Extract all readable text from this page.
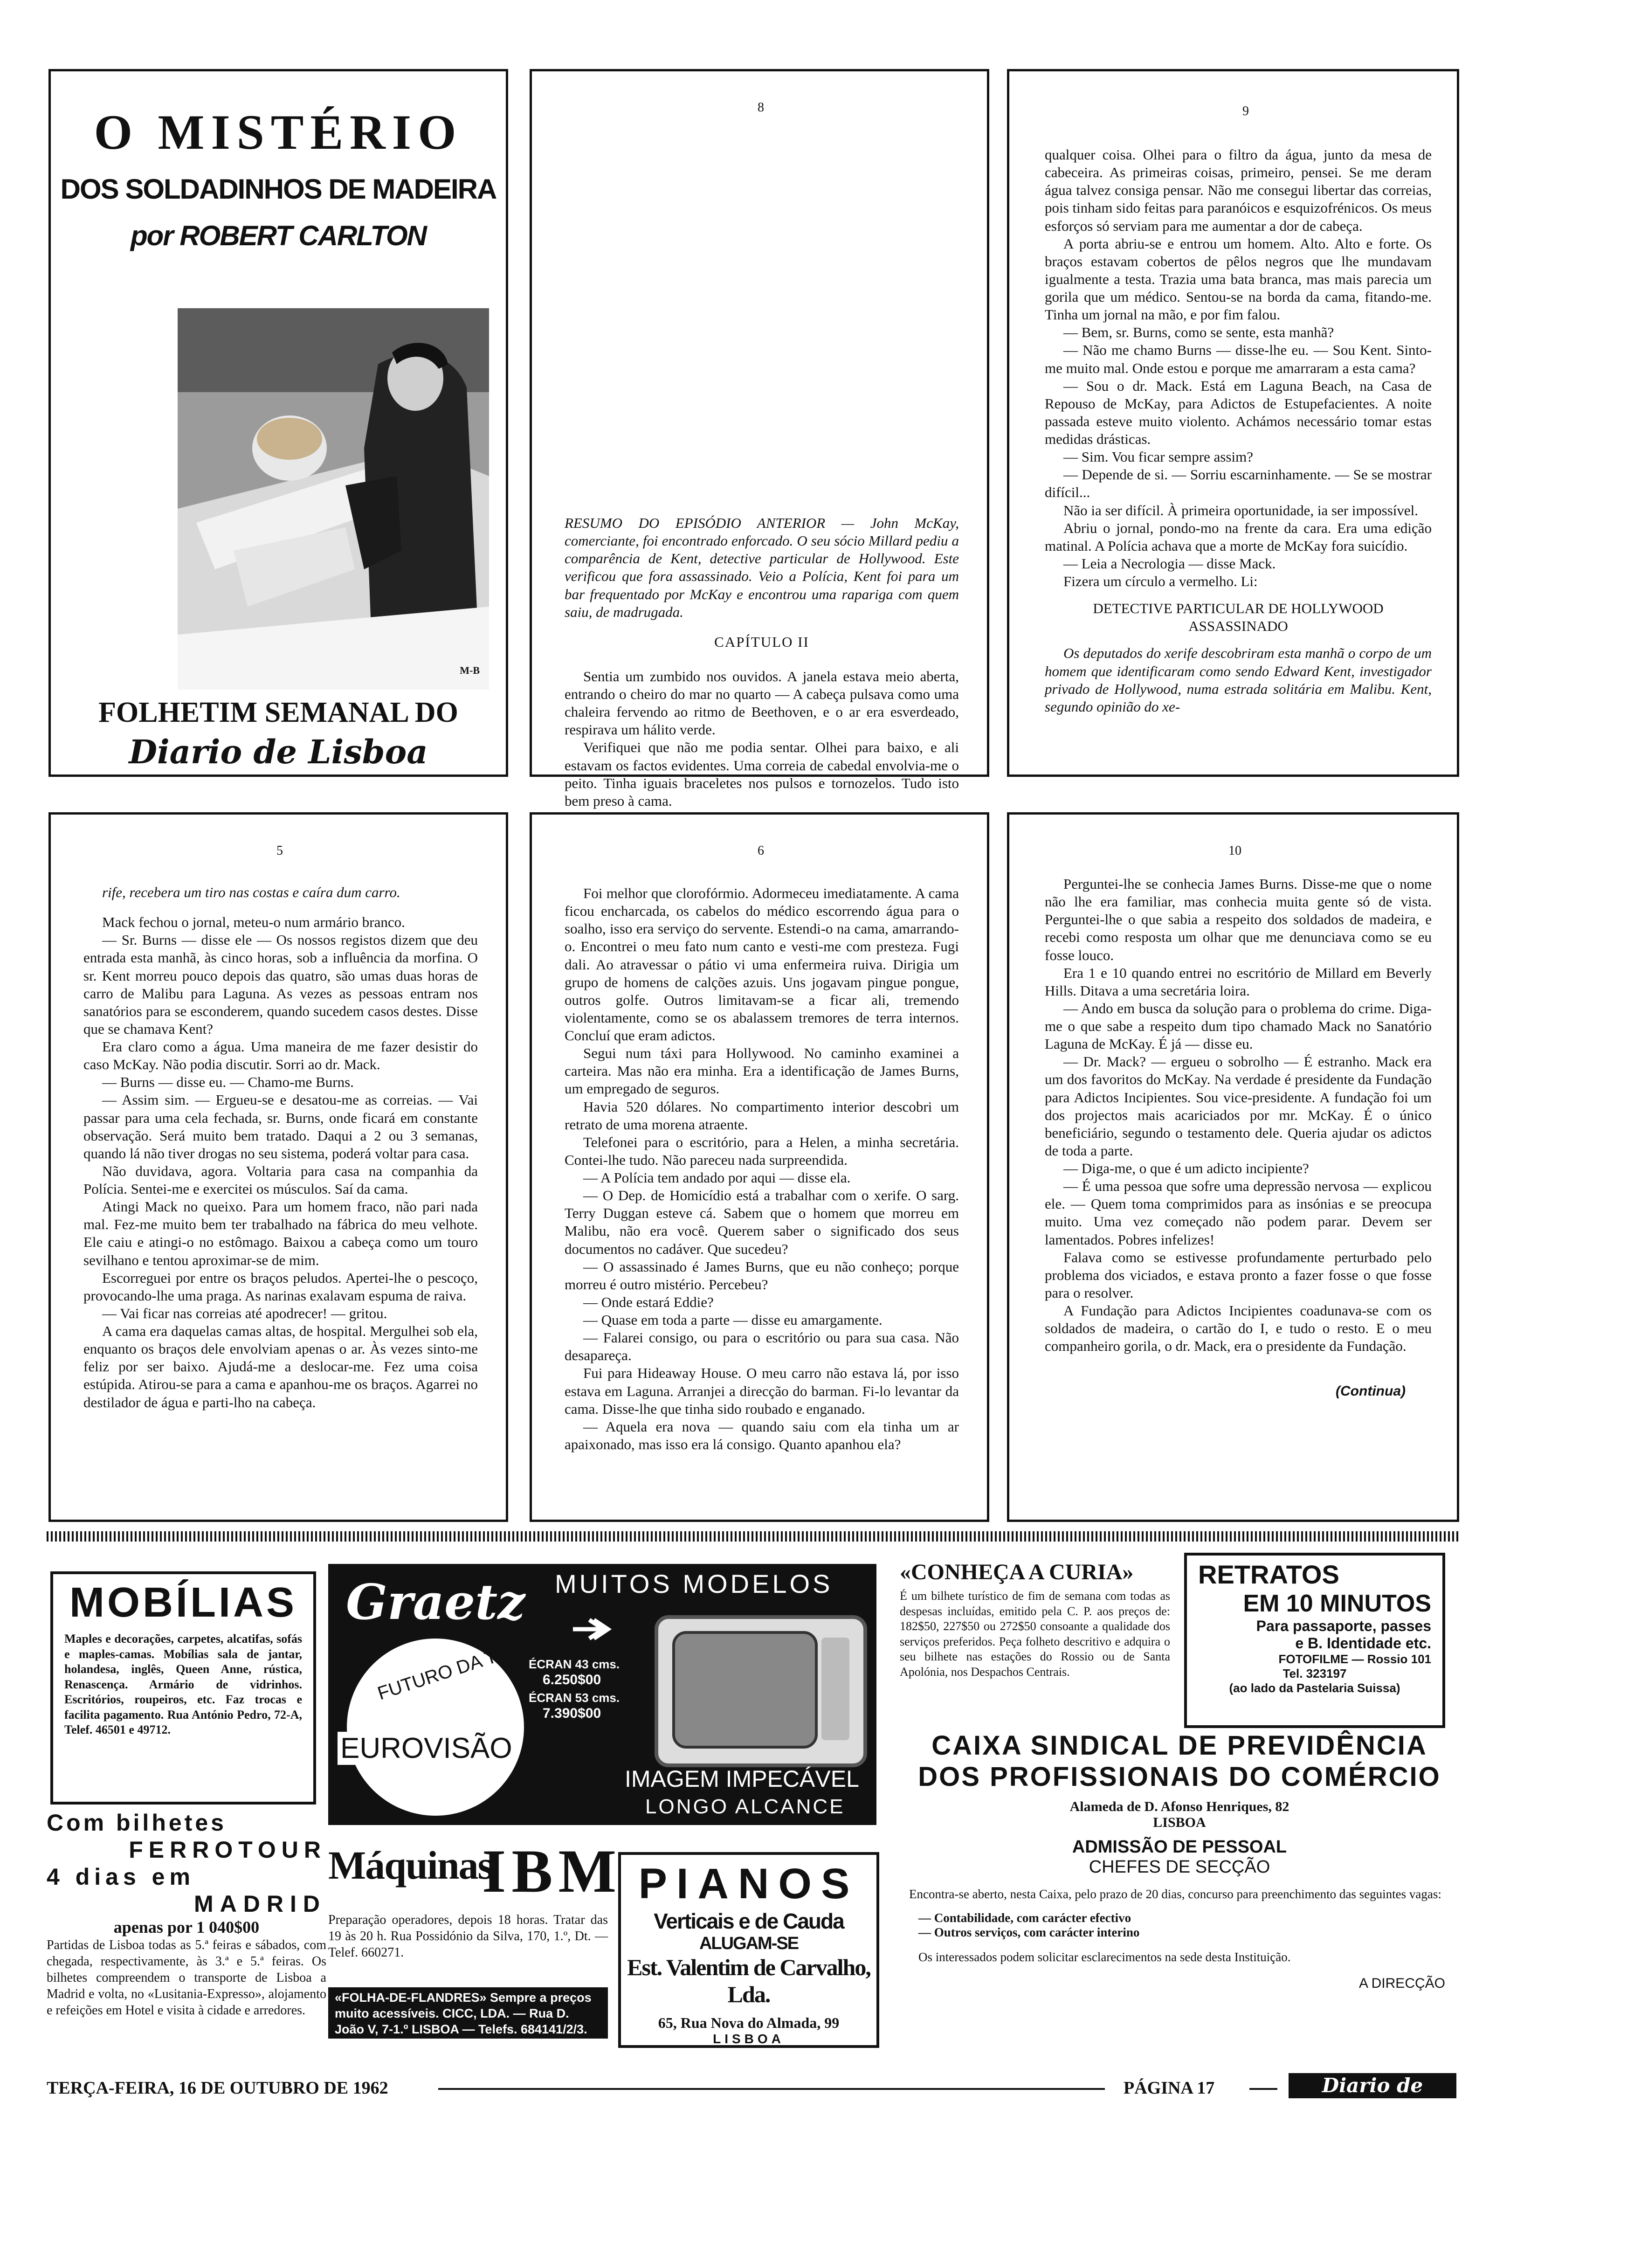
O MISTÉRIO
DOS SOLDADINHOS DE MADEIRA
por ROBERT CARLTON
M-B
FOLHETIM SEMANAL DO
Diario de Lisboa
8

RESUMO DO EPISÓDIO ANTERIOR — John McKay, comerciante, foi encontrado enforcado. O seu sócio Millard pediu a comparência de Kent, detective particular de Hollywood. Este verificou que fora assassinado. Veio a Polícia, Kent foi para um bar frequentado por McKay e encontrou uma rapariga com quem saiu, de madrugada.

CAPÍTULO II

Sentia um zumbido nos ouvidos. A janela estava meio aberta, entrando o cheiro do mar no quarto — A cabeça pulsava como uma chaleira fervendo ao ritmo de Beethoven, e o ar era esverdeado, respirava um hálito verde.

Verifiquei que não me podia sentar. Olhei para baixo, e ali estavam os factos evidentes. Uma correia de cabedal envolvia-me o peito. Tinha iguais braceletes nos pulsos e tornozelos. Tudo isto bem preso à cama.

9

qualquer coisa. Olhei para o filtro da água, junto da mesa de cabeceira. As primeiras coisas, primeiro, pensei. Se me deram água talvez consiga pensar. Não me consegui libertar das correias, pois tinham sido feitas para paranóicos e esquizofrénicos. Os meus esforços só serviam para me aumentar a dor de cabeça.

A porta abriu-se e entrou um homem. Alto. Alto e forte. Os braços estavam cobertos de pêlos negros que lhe mundavam igualmente a testa. Trazia uma bata branca, mas mais parecia um gorila que um médico. Sentou-se na borda da cama, fitando-me. Tinha um jornal na mão, e por fim falou.

— Bem, sr. Burns, como se sente, esta manhã?

— Não me chamo Burns — disse-lhe eu. — Sou Kent. Sinto-me muito mal. Onde estou e porque me amarraram a esta cama?

— Sou o dr. Mack. Está em Laguna Beach, na Casa de Repouso de McKay, para Adictos de Estupefacientes. A noite passada esteve muito violento. Achámos necessário tomar estas medidas drásticas.

— Sim. Vou ficar sempre assim?

— Depende de si. — Sorriu escarninhamente. — Se se mostrar difícil...

Não ia ser difícil. À primeira oportunidade, ia ser impossível.

Abriu o jornal, pondo-mo na frente da cara. Era uma edição matinal. A Polícia achava que a morte de McKay fora suicídio.

— Leia a Necrologia — disse Mack.

Fizera um círculo a vermelho. Li:

DETECTIVE PARTICULAR DE HOLLYWOOD ASSASSINADO

Os deputados do xerife descobriram esta manhã o corpo de um homem que identificaram como sendo Edward Kent, investigador privado de Hollywood, numa estrada solitária em Malibu. Kent, segundo opinião do xe-

5

rife, recebera um tiro nas costas e caíra dum carro.

Mack fechou o jornal, meteu-o num armário branco.

— Sr. Burns — disse ele — Os nossos registos dizem que deu entrada esta manhã, às cinco horas, sob a influência da morfina. O sr. Kent morreu pouco depois das quatro, são umas duas horas de carro de Malibu para Laguna. As vezes as pessoas entram nos sanatórios para se esconderem, quando sucedem casos destes. Disse que se chamava Kent?

Era claro como a água. Uma maneira de me fazer desistir do caso McKay. Não podia discutir. Sorri ao dr. Mack.

— Burns — disse eu. — Chamo-me Burns.

— Assim sim. — Ergueu-se e desatou-me as correias. — Vai passar para uma cela fechada, sr. Burns, onde ficará em constante observação. Será muito bem tratado. Daqui a 2 ou 3 semanas, quando lá não tiver drogas no seu sistema, poderá voltar para casa.

Não duvidava, agora. Voltaria para casa na companhia da Polícia. Sentei-me e exercitei os músculos. Saí da cama.

Atingi Mack no queixo. Para um homem fraco, não pari nada mal. Fez-me muito bem ter trabalhado na fábrica do meu velhote. Ele caiu e atingi-o no estômago. Baixou a cabeça como um touro sevilhano e tentou aproximar-se de mim.

Escorreguei por entre os braços peludos. Apertei-lhe o pescoço, provocando-lhe uma praga. As narinas exalavam espuma de raiva.

— Vai ficar nas correias até apodrecer! — gritou.

A cama era daquelas camas altas, de hospital. Mergulhei sob ela, enquanto os braços dele envolviam apenas o ar. Às vezes sinto-me feliz por ser baixo. Ajudá-me a deslocar-me. Fez uma coisa estúpida. Atirou-se para a cama e apanhou-me os braços. Agarrei no destilador de água e parti-lho na cabeça.

6

Foi melhor que clorofórmio. Adormeceu imediatamente. A cama ficou encharcada, os cabelos do médico escorrendo água para o soalho, isso era serviço do servente. Estendi-o na cama, amarrando-o. Encontrei o meu fato num canto e vesti-me com presteza. Fugi dali. Ao atravessar o pátio vi uma enfermeira ruiva. Dirigia um grupo de homens de calções azuis. Uns jogavam pingue pongue, outros golfe. Outros limitavam-se a ficar ali, tremendo violentamente, como se os abalassem tremores de terra internos. Concluí que eram adictos.

Segui num táxi para Hollywood. No caminho examinei a carteira. Mas não era minha. Era a identificação de James Burns, um empregado de seguros.

Havia 520 dólares. No compartimento interior descobri um retrato de uma morena atraente.

Telefonei para o escritório, para a Helen, a minha secretária. Contei-lhe tudo. Não pareceu nada surpreendida.

— A Polícia tem andado por aqui — disse ela.

— O Dep. de Homicídio está a trabalhar com o xerife. O sarg. Terry Duggan esteve cá. Sabem que o homem que morreu em Malibu, não era você. Querem saber o significado dos seus documentos no cadáver. Que sucedeu?

— O assassinado é James Burns, que eu não conheço; porque morreu é outro mistério. Percebeu?

— Onde estará Eddie?

— Quase em toda a parte — disse eu amargamente.

— Falarei consigo, ou para o escritório ou para sua casa. Não desapareça.

Fui para Hideaway House. O meu carro não estava lá, por isso estava em Laguna. Arranjei a direcção do barman. Fi-lo levantar da cama. Disse-lhe que tinha sido roubado e enganado.

— Aquela era nova — quando saiu com ela tinha um ar apaixonado, mas isso era lá consigo. Quanto apanhou ela?

10

Perguntei-lhe se conhecia James Burns. Disse-me que o nome não lhe era familiar, mas conhecia muita gente só de vista. Perguntei-lhe o que sabia a respeito dos soldados de madeira, e recebi como resposta um olhar que me denunciava como se eu fosse louco.

Era 1 e 10 quando entrei no escritório de Millard em Beverly Hills. Ditava a uma secretária loira.

— Ando em busca da solução para o problema do crime. Diga-me o que sabe a respeito dum tipo chamado Mack no Sanatório Laguna de McKay. É já — disse eu.

— Dr. Mack? — ergueu o sobrolho — É estranho. Mack era um dos favoritos do McKay. Na verdade é presidente da Fundação para Adictos Incipientes. Sou vice-presidente. A fundação foi um dos projectos mais acariciados por mr. McKay. É o único beneficiário, segundo o testamento dele. Queria ajudar os adictos de toda a parte.

— Diga-me, o que é um adicto incipiente?

— É uma pessoa que sofre uma depressão nervosa — explicou ele. — Quem toma comprimidos para as insónias e se preocupa muito. Uma vez começado não podem parar. Devem ser lamentados. Pobres infelizes!

Falava como se estivesse profundamente perturbado pelo problema dos viciados, e estava pronto a fazer fosse o que fosse para o resolver.

A Fundação para Adictos Incipientes coadunava-se com os soldados de madeira, o cartão do I, e tudo o resto. E o meu companheiro gorila, o dr. Mack, era o presidente da Fundação.

(Continua)
MOBÍLIAS
Maples e decorações, carpetes, alcatifas, sofás e maples-camas. Mobílias sala de jantar, holandesa, inglês, Queen Anne, rústica, Renascença. Armário de vidrinhos. Escritórios, roupeiros, etc. Faz trocas e facilita pagamento. Rua António Pedro, 72-A, Telef. 46501 e 49712.
Com bilhetes
FERROTOUR
4 dias em
MADRID
apenas por 1 040$00
Partidas de Lisboa todas as 5.ª feiras e sábados, com chegada, respectivamente, às 3.ª e 5.ª feiras. Os bilhetes compreendem o transporte de Lisboa a Madrid e volta, no «Lusitania-Expresso», alojamento e refeições em Hotel e visita à cidade e arredores.
Graetz MUITOS MODELOS
FUTURO DA T.V.
EUROVISÃO
ÉCRAN 43 cms.
6.250$00
ÉCRAN 53 cms.
7.390$00
IMAGEM IMPECÁVEL
LONGO ALCANCE
«CONHEÇA A CURIA»
É um bilhete turístico de fim de semana com todas as despesas incluídas, emitido pela C. P. aos preços de: 182$50, 227$50 ou 272$50 consoante a qualidade dos serviços preferidos. Peça folheto descritivo e adquira o seu bilhete nas estações do Rossio ou de Santa Apolónia, nos Despachos Centrais.
RETRATOS
EM 10 MINUTOS
Para passaporte, passes
e B. Identidade etc.
FOTOFILME — Rossio 101
Tel. 323197
(ao lado da Pastelaria Suissa)
Máquinas
IBM
Preparação operadores, depois 18 horas. Tratar das 19 às 20 h. Rua Possidónio da Silva, 170, 1.º, Dt. — Telef. 660271.
«FOLHA-DE-FLANDRES» Sempre a preços muito acessíveis. CICC, LDA. — Rua D. João V, 7-1.º LISBOA — Telefs. 684141/2/3.
PIANOS
Verticais e de Cauda
ALUGAM-SE
Est. Valentim de Carvalho, Lda.
65, Rua Nova do Almada, 99
LISBOA
CAIXA SINDICAL DE PREVIDÊNCIA
DOS PROFISSIONAIS DO COMÉRCIO
Alameda de D. Afonso Henriques, 82
LISBOA
ADMISSÃO DE PESSOAL
CHEFES DE SECÇÃO
Encontra-se aberto, nesta Caixa, pelo prazo de 20 dias, concurso para preenchimento das seguintes vagas:
— Contabilidade, com carácter efectivo
— Outros serviços, com carácter interino
Os interessados podem solicitar esclarecimentos na sede desta Instituição.
A DIRECÇÃO
TERÇA-FEIRA, 16 DE OUTUBRO DE 1962	PÁGINA 17	Diario de Lisboa
